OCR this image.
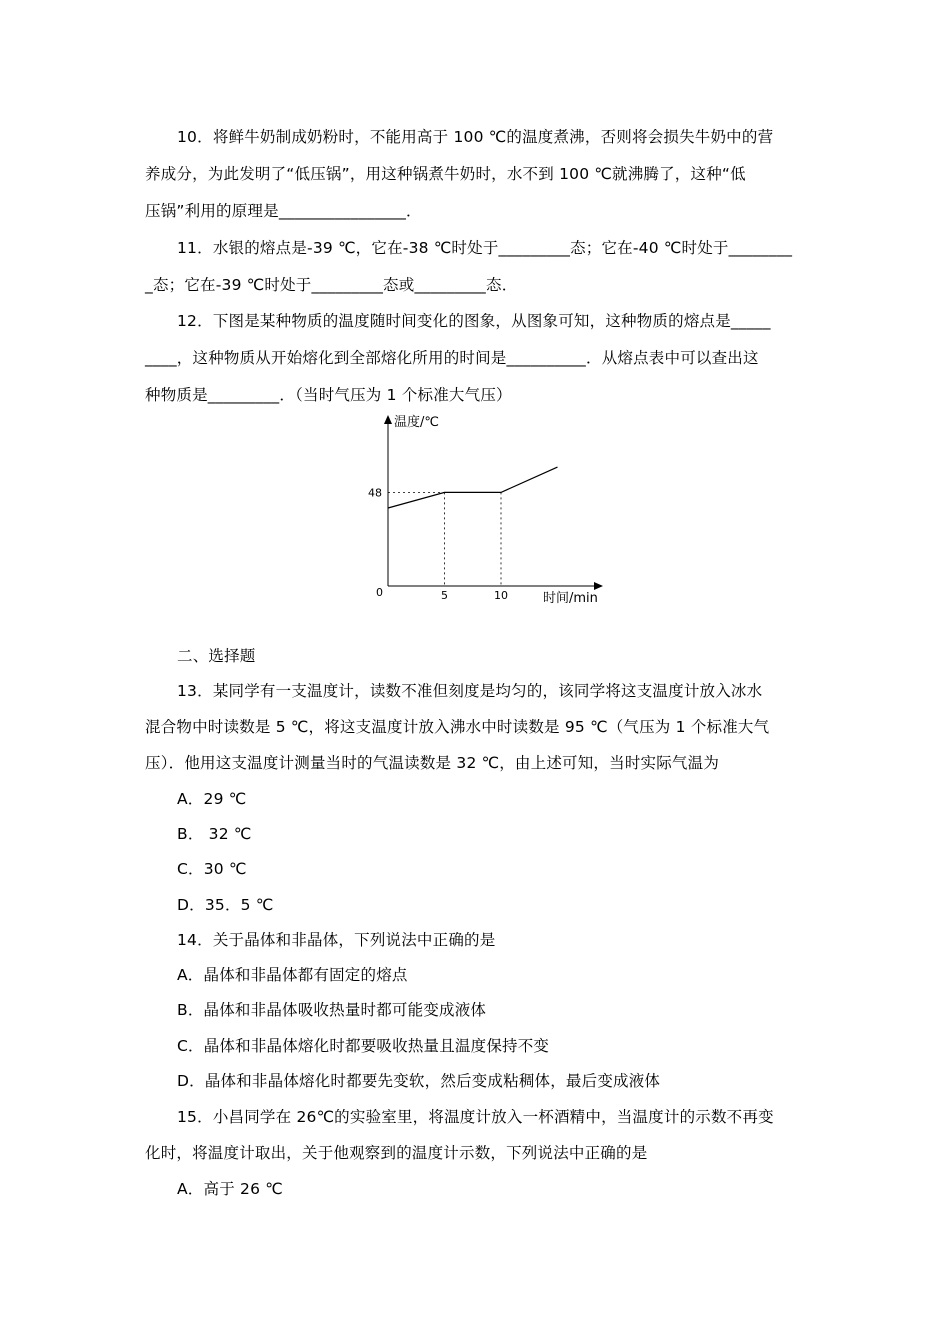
10．将鲜牛奶制成奶粉时，不能用高于 100 ℃的温度煮沸，否则将会损失牛奶中的营
养成分，为此发明了“低压锅”，用这种锅煮牛奶时，水不到 100 ℃就沸腾了，这种“低
压锅”利用的原理是________________．
11．水银的熔点是-39 ℃，它在-38 ℃时处于_________态；它在-40 ℃时处于________
_态；它在-39 ℃时处于_________态或_________态．
12．下图是某种物质的温度随时间变化的图象，从图象可知，这种物质的熔点是_____
____，这种物质从开始熔化到全部熔化所用的时间是__________．从熔点表中可以查出这
种物质是_________．（当时气压为 1 个标准大气压）
温度/℃
时间/min
0	5	10
48
二、选择题
13．某同学有一支温度计，读数不准但刻度是均匀的，该同学将这支温度计放入冰水
混合物中时读数是 5 ℃，将这支温度计放入沸水中时读数是 95 ℃（气压为 1 个标准大气
压）．他用这支温度计测量当时的气温读数是 32 ℃，由上述可知，当时实际气温为
A．29 ℃
B． 32 ℃
C．30 ℃
D．35．5 ℃
14．关于晶体和非晶体，下列说法中正确的是
A．晶体和非晶体都有固定的熔点
B．晶体和非晶体吸收热量时都可能变成液体
C．晶体和非晶体熔化时都要吸收热量且温度保持不变
D．晶体和非晶体熔化时都要先变软，然后变成粘稠体，最后变成液体
15．小昌同学在 26℃的实验室里，将温度计放入一杯酒精中，当温度计的示数不再变
化时，将温度计取出，关于他观察到的温度计示数，下列说法中正确的是
A．高于 26 ℃
